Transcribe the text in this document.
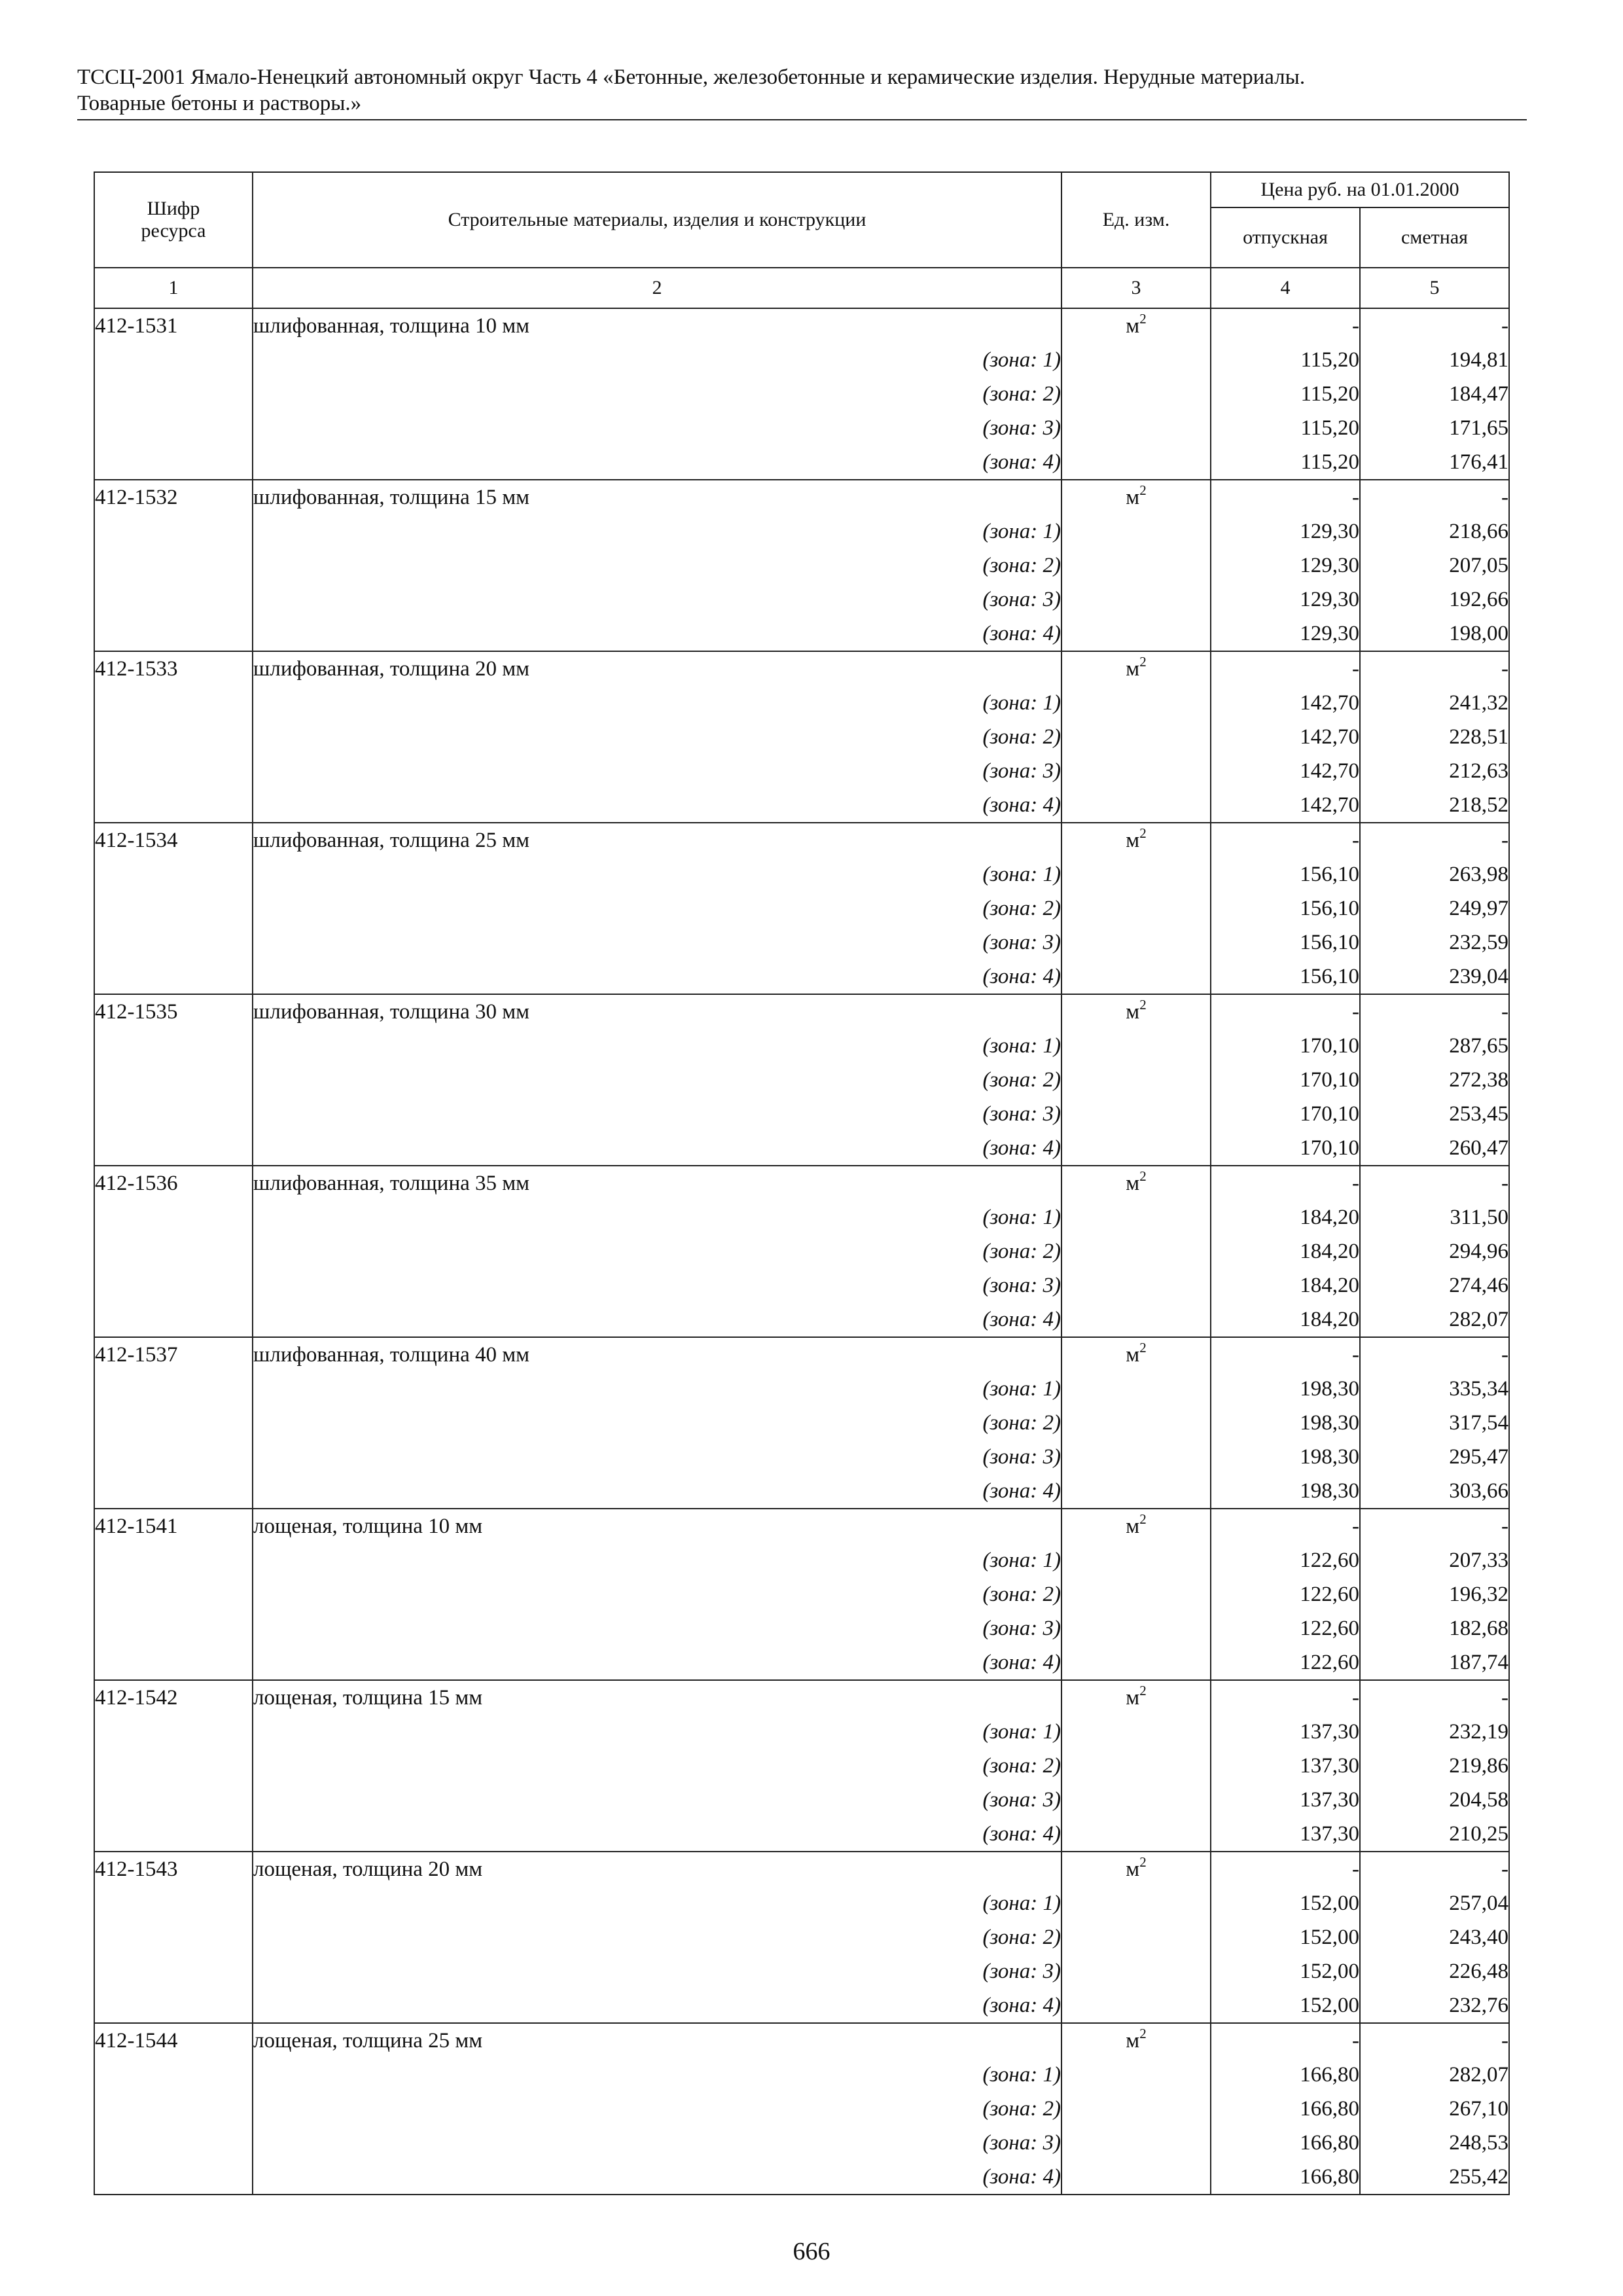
ТССЦ-2001 Ямало-Ненецкий автономный округ Часть 4 «Бетонные, железобетонные и керамические изделия. Нерудные материалы.
Товарные бетоны и растворы.»
Шифр ресурса	Строительные материалы, изделия и конструкции	Ед. изм.	Цена руб. на 01.01.2000	
			отпускная	сметная
1	2	3	4	5
412-1531	шлифованная, толщина 10 мм	$м^2$	-	-
	(зона: 1)		115,20	194,81
	(зона: 2)		115,20	184,47
	(зона: 3)		115,20	171,65
	(зона: 4)		115,20	176,41
412-1532	шлифованная, толщина 15 мм	$м^2$	-	-
	(зона: 1)		129,30	218,66
	(зона: 2)		129,30	207,05
	(зона: 3)		129,30	192,66
	(зона: 4)		129,30	198,00
412-1533	шлифованная, толщина 20 мм	$м^2$	-	-
	(зона: 1)		142,70	241,32
	(зона: 2)		142,70	228,51
	(зона: 3)		142,70	212,63
	(зона: 4)		142,70	218,52
412-1534	шлифованная, толщина 25 мм	$м^2$	-	-
	(зона: 1)		156,10	263,98
	(зона: 2)		156,10	249,97
	(зона: 3)		156,10	232,59
	(зона: 4)		156,10	239,04
412-1535	шлифованная, толщина 30 мм	$м^2$	-	-
	(зона: 1)		170,10	287,65
	(зона: 2)		170,10	272,38
	(зона: 3)		170,10	253,45
	(зона: 4)		170,10	260,47
412-1536	шлифованная, толщина 35 мм	$м^2$	-	-
	(зона: 1)		184,20	311,50
	(зона: 2)		184,20	294,96
	(зона: 3)		184,20	274,46
	(зона: 4)		184,20	282,07
412-1537	шлифованная, толщина 40 мм	$м^2$	-	-
	(зона: 1)		198,30	335,34
	(зона: 2)		198,30	317,54
	(зона: 3)		198,30	295,47
	(зона: 4)		198,30	303,66
412-1541	лощеная, толщина 10 мм	$м^2$	-	-
	(зона: 1)		122,60	207,33
	(зона: 2)		122,60	196,32
	(зона: 3)		122,60	182,68
	(зона: 4)		122,60	187,74
412-1542	лощеная, толщина 15 мм	$м^2$	-	-
	(зона: 1)		137,30	232,19
	(зона: 2)		137,30	219,86
	(зона: 3)		137,30	204,58
	(зона: 4)		137,30	210,25
412-1543	лощеная, толщина 20 мм	$м^2$	-	-
	(зона: 1)		152,00	257,04
	(зона: 2)		152,00	243,40
	(зона: 3)		152,00	226,48
	(зона: 4)		152,00	232,76
412-1544	лощеная, толщина 25 мм	$м^2$	-	-
	(зона: 1)		166,80	282,07
	(зона: 2)		166,80	267,10
	(зона: 3)		166,80	248,53
	(зона: 4)		166,80	255,42
666
